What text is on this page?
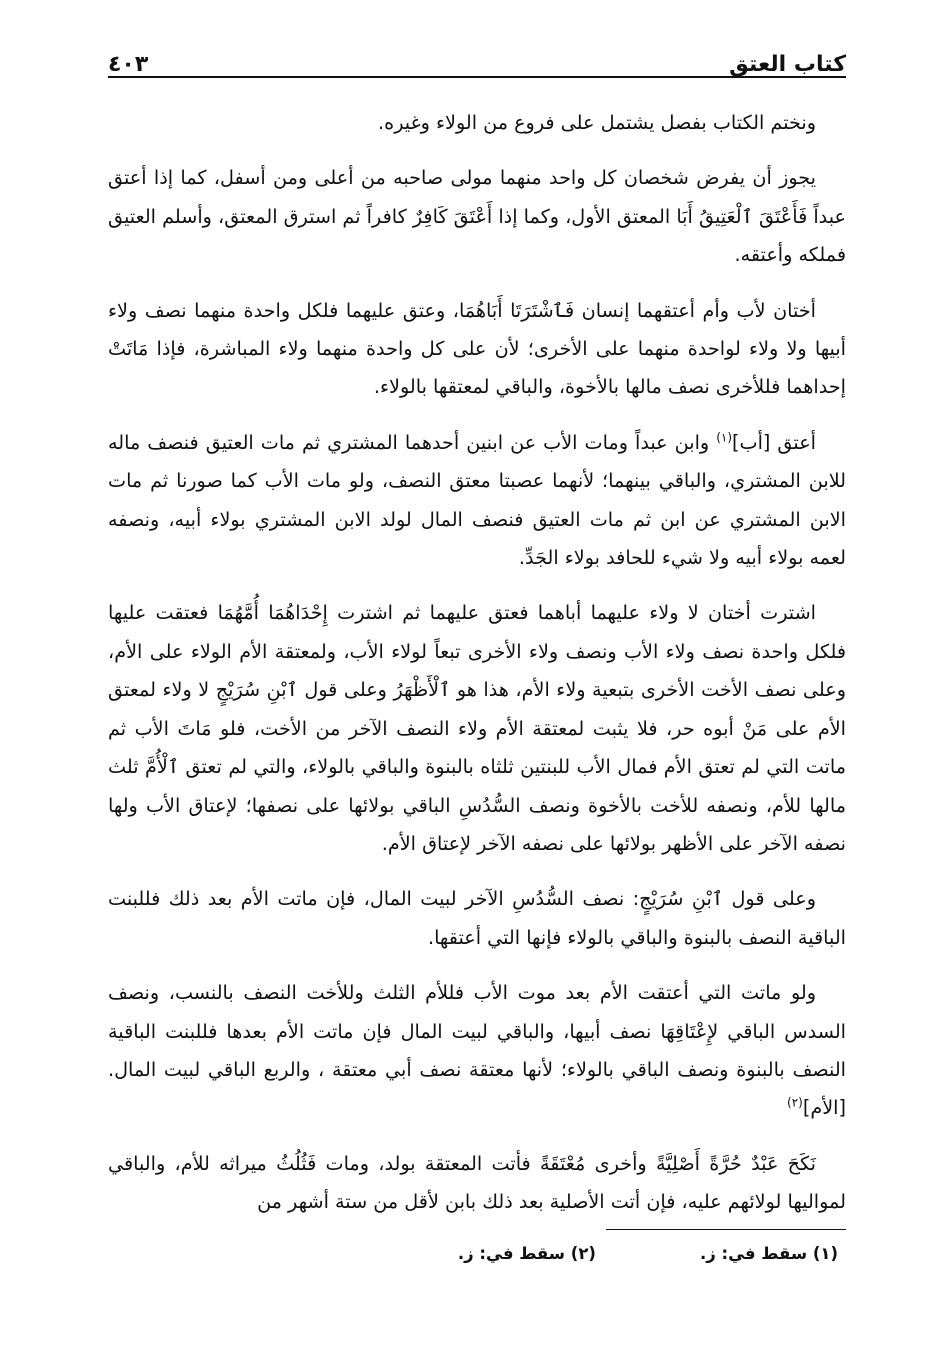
كتاب العتق
٤٠٣

ونختم الكتاب بفصل يشتمل على فروع من الولاء وغيره.

يجوز أن يفرض شخصان كل واحد منهما مولى صاحبه من أعلى ومن أسفل، كما إذا أعتق عبداً فَأَعْتَقَ ٱلْعَتِيقُ أَبَا المعتق الأول، وكما إذا أَعْتَقَ كَافِرٌ كافراً ثم استرق المعتق، وأسلم العتيق فملكه وأعتقه.

أختان لأب وأم أعتقهما إنسان فَٱشْتَرَتَا أَبَاهُمَا، وعتق عليهما فلكل واحدة منهما نصف ولاء أبيها ولا ولاء لواحدة منهما على الأخرى؛ لأن على كل واحدة منهما ولاء المباشرة، فإذا مَاتَتْ إحداهما فللأخرى نصف مالها بالأخوة، والباقي لمعتقها بالولاء.

أعتق [أب]$^{(١)}$ وابن عبداً ومات الأب عن ابنين أحدهما المشتري ثم مات العتيق فنصف ماله للابن المشتري، والباقي بينهما؛ لأنهما عصبتا معتق النصف، ولو مات الأب كما صورنا ثم مات الابن المشتري عن ابن ثم مات العتيق فنصف المال لولد الابن المشتري بولاء أبيه، ونصفه لعمه بولاء أبيه ولا شيء للحافد بولاء الجَدِّ.

اشترت أختان لا ولاء عليهما أباهما فعتق عليهما ثم اشترت إِحْدَاهُمَا أُمَّهُمَا فعتقت عليها فلكل واحدة نصف ولاء الأب ونصف ولاء الأخرى تبعاً لولاء الأب، ولمعتقة الأم الولاء على الأم، وعلى نصف الأخت الأخرى بتبعية ولاء الأم، هذا هو ٱلْأَظْهَرُ وعلى قول ٱبْنِ سُرَيْجٍ لا ولاء لمعتق الأم على مَنْ أبوه حر، فلا يثبت لمعتقة الأم ولاء النصف الآخر من الأخت، فلو مَاتَ الأب ثم ماتت التي لم تعتق الأم فمال الأب للبنتين ثلثاه بالبنوة والباقي بالولاء، والتي لم تعتق ٱلْأُمَّ ثلث مالها للأم، ونصفه للأخت بالأخوة ونصف السُّدُسِ الباقي بولائها على نصفها؛ لإعتاق الأب ولها نصفه الآخر على الأظهر بولائها على نصفه الآخر لإعتاق الأم.

وعلى قول ٱبْنِ سُرَيْجٍ: نصف السُّدُسِ الآخر لبيت المال، فإن ماتت الأم بعد ذلك فللبنت الباقية النصف بالبنوة والباقي بالولاء فإنها التي أعتقها.

ولو ماتت التي أعتقت الأم بعد موت الأب فللأم الثلث وللأخت النصف بالنسب، ونصف السدس الباقي لإِعْتَاقِهَا نصف أبيها، والباقي لبيت المال فإن ماتت الأم بعدها فللبنت الباقية النصف بالبنوة ونصف الباقي بالولاء؛ لأنها معتقة نصف أبي معتقة ، والربع الباقي لبيت المال.[الأم]$^{(٢)}$

نَكَحَ عَبْدٌ حُرَّةً أَصْلِيَّةً وأخرى مُعْتَقَةً فأتت المعتقة بولد، ومات فَثُلُثُ ميراثه للأم، والباقي لمواليها لولائهم عليه، فإن أتت الأصلية بعد ذلك بابن لأقل من ستة أشهر من

(١) سقط في: ز.
(٢) سقط في: ز.
